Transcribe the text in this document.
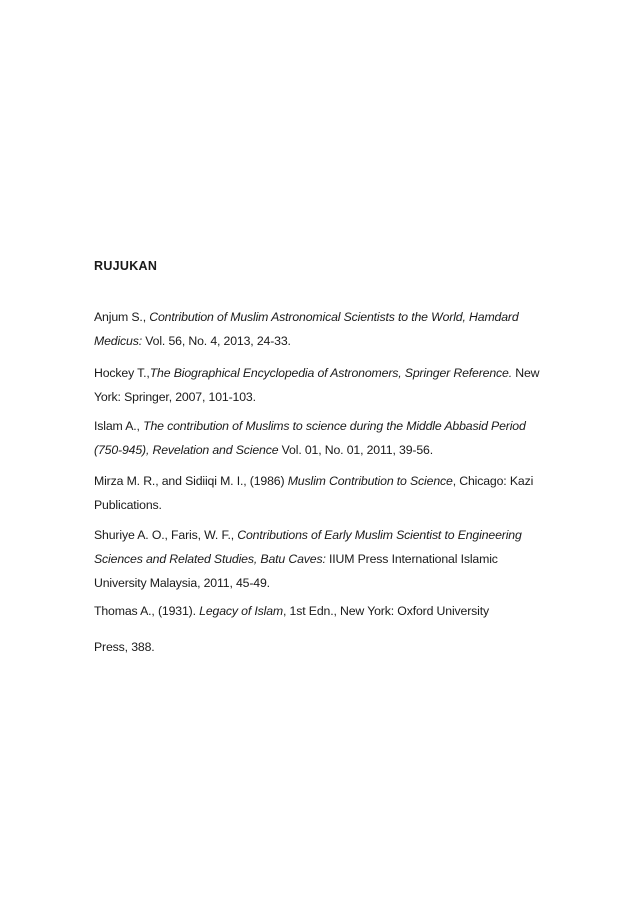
RUJUKAN

Anjum S., Contribution of Muslim Astronomical Scientists to the World, Hamdard
Medicus: Vol. 56, No. 4, 2013, 24-33.

Hockey T.,The Biographical Encyclopedia of Astronomers, Springer Reference. New
York: Springer, 2007, 101-103.

Islam A., The contribution of Muslims to science during the Middle Abbasid Period
(750-945), Revelation and Science Vol. 01, No. 01, 2011, 39-56.

Mirza M. R., and Sidiiqi M. I., (1986) Muslim Contribution to Science, Chicago: Kazi
Publications.

Shuriye A. O., Faris, W. F., Contributions of Early Muslim Scientist to Engineering
Sciences and Related Studies, Batu Caves: IIUM Press International Islamic
University Malaysia, 2011, 45-49.

Thomas A., (1931). Legacy of Islam, 1st Edn., New York: Oxford University
Press, 388.
